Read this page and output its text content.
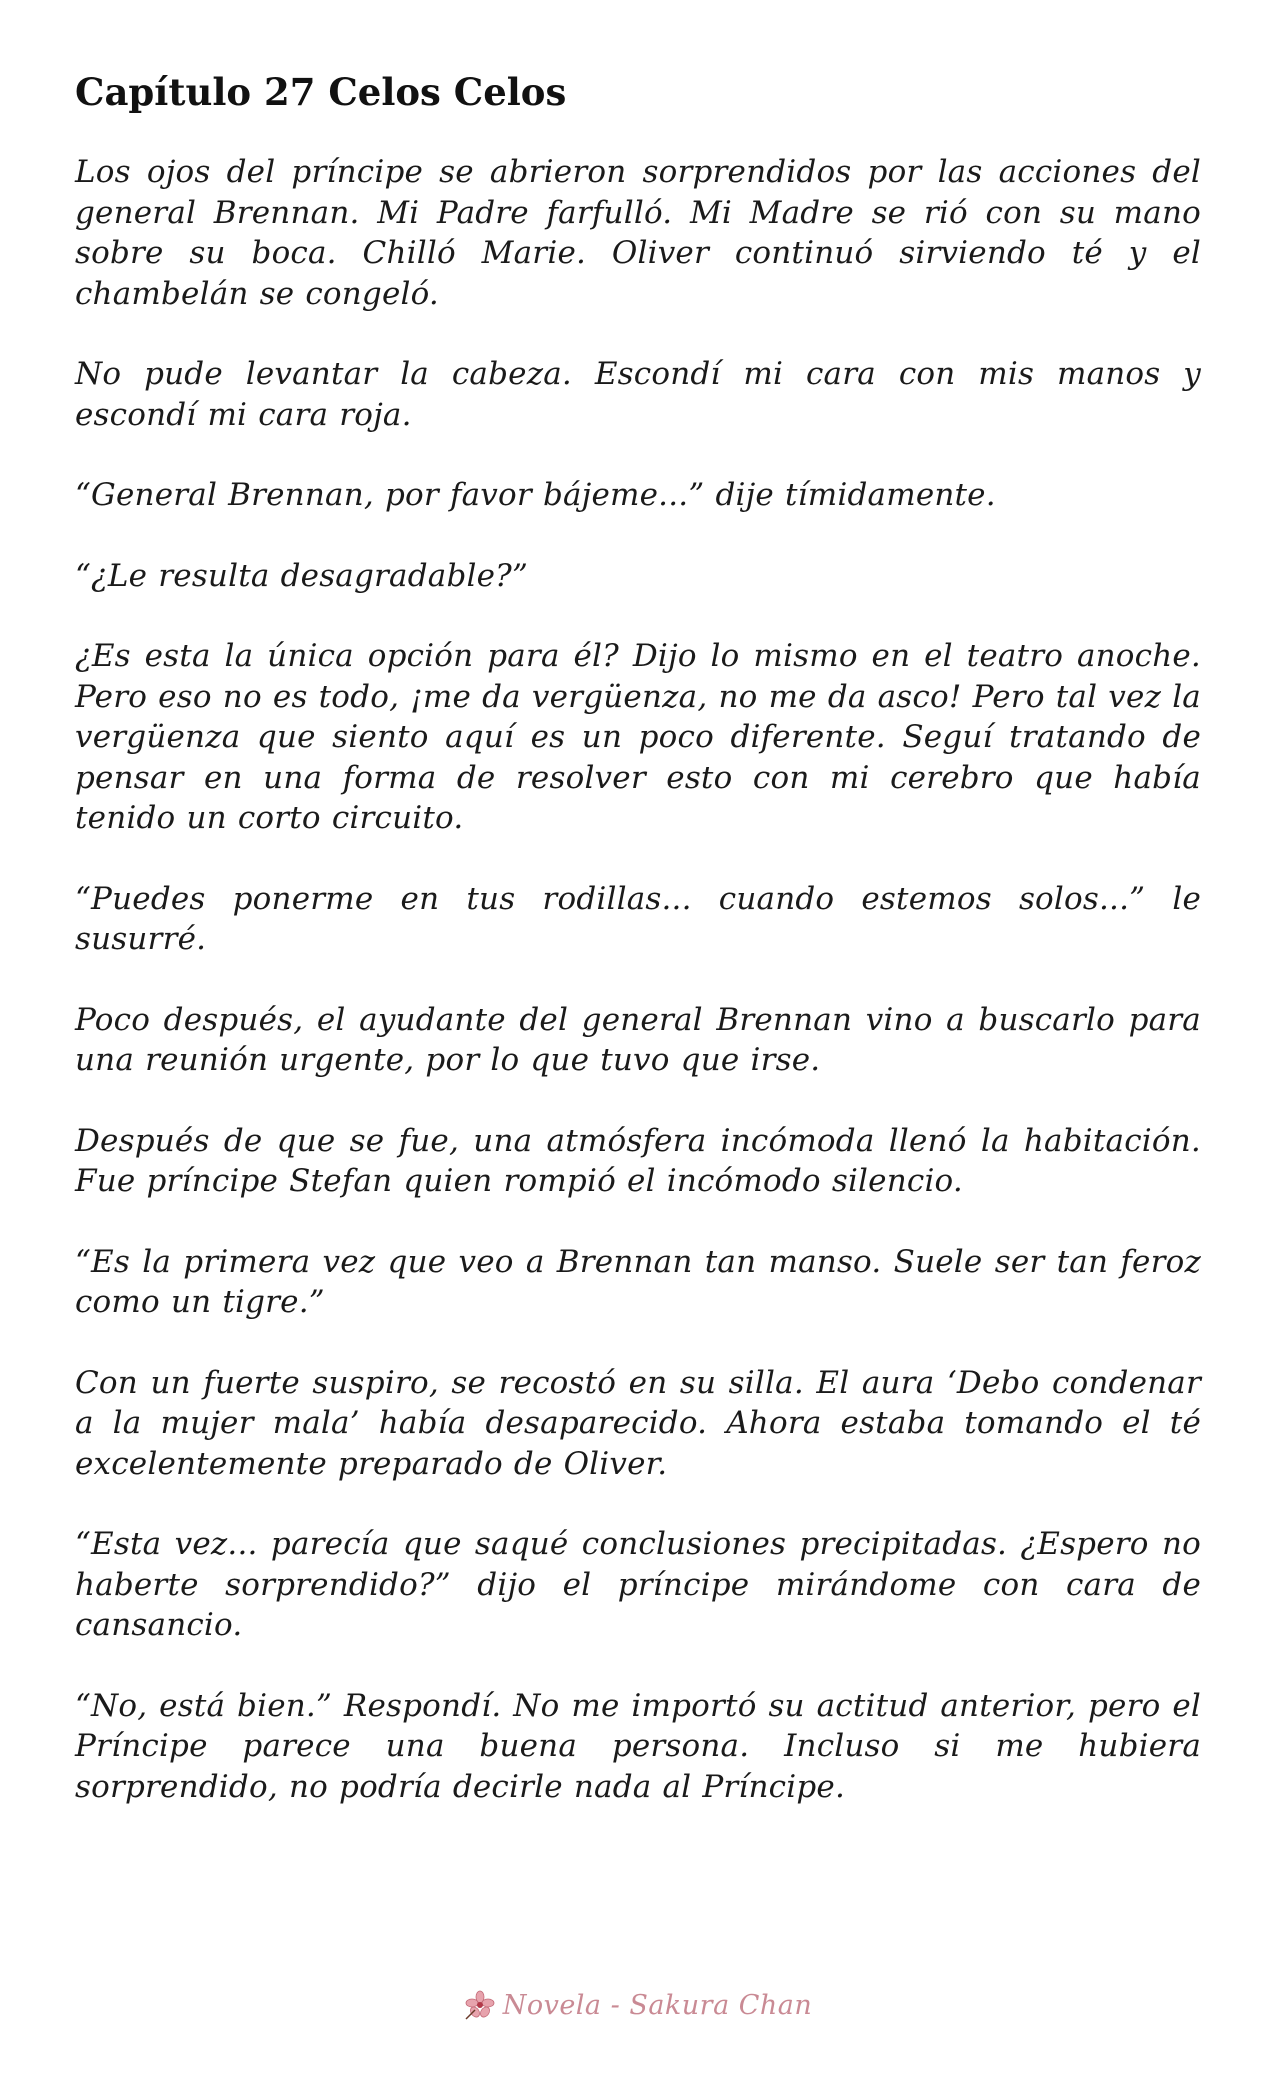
Capítulo 27 Celos Celos

Los ojos del príncipe se abrieron sorprendidos por las acciones del general Brennan. Mi Padre farfulló. Mi Madre se rió con su mano sobre su boca. Chilló Marie. Oliver continuó sirviendo té y el chambelán se congeló.

No pude levantar la cabeza. Escondí mi cara con mis manos y escondí mi cara roja.

“General Brennan, por favor bájeme...” dije tímidamente.

“¿Le resulta desagradable?”

¿Es esta la única opción para él? Dijo lo mismo en el teatro anoche. Pero eso no es todo, ¡me da vergüenza, no me da asco! Pero tal vez la vergüenza que siento aquí es un poco diferente. Seguí tratando de pensar en una forma de resolver esto con mi cerebro que había tenido un corto circuito.

“Puedes ponerme en tus rodillas... cuando estemos solos...” le susurré.

Poco después, el ayudante del general Brennan vino a buscarlo para una reunión urgente, por lo que tuvo que irse.

Después de que se fue, una atmósfera incómoda llenó la habitación. Fue príncipe Stefan quien rompió el incómodo silencio.

“Es la primera vez que veo a Brennan tan manso. Suele ser tan feroz como un tigre.”

Con un fuerte suspiro, se recostó en su silla. El aura ‘Debo condenar a la mujer mala’ había desaparecido. Ahora estaba tomando el té excelentemente preparado de Oliver.

“Esta vez... parecía que saqué conclusiones precipitadas. ¿Espero no haberte sorprendido?” dijo el príncipe mirándome con cara de cansancio.

“No, está bien.” Respondí. No me importó su actitud anterior, pero el Príncipe parece una buena persona. Incluso si me hubiera sorprendido, no podría decirle nada al Príncipe.

Novela - Sakura Chan
